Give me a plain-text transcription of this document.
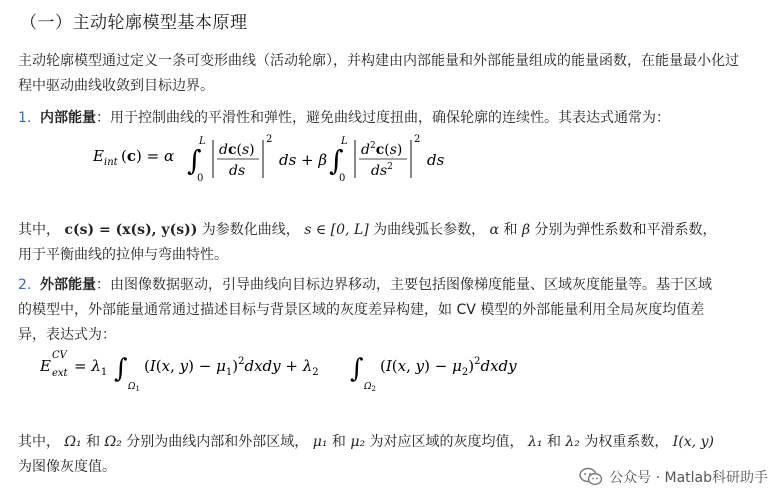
（一）主动轮廓模型基本原理
主动轮廓模型通过定义一条可变形曲线（活动轮廓），并构建由内部能量和外部能量组成的能量函数，在能量最小化过程中驱动曲线收敛到目标边界。
1. 内部能量：用于控制曲线的平滑性和弹性，避免曲线过度扭曲，确保轮廓的连续性。其表达式通常为：
E int (c) = α ∫
L
0
dc(s)
ds
2
ds + β ∫
L
0
$d^2c(s)$
$ds^2$
2
ds
其中， c(s) = (x(s), y(s)) 为参数化曲线， s ∈ [0, L] 为曲线弧长参数， α 和 β 分别为弹性系数和平滑系数，用于平衡曲线的拉伸与弯曲特性。
2. 外部能量：由图像数据驱动，引导曲线向目标边界移动，主要包括图像梯度能量、区域灰度能量等。基于区域的模型中，外部能量通常通过描述目标与背景区域的灰度差异构建，如 CV 模型的外部能量利用全局灰度均值差异，表达式为：
E
CV
ext = $\lambda_1$ ∫
$\Omega_1$
(I(x, $y) - \mu_1)^2dxdy + \lambda_2$ ∫
$\Omega_2$
(I(x, $y) - \mu_2)^2dxdy$
其中， Ω₁ 和 Ω₂ 分别为曲线内部和外部区域， μ₁ 和 μ₂ 为对应区域的灰度均值， λ₁ 和 λ₂ 为权重系数， I(x, y) 为图像灰度值。
公众号 · Matlab科研助手
